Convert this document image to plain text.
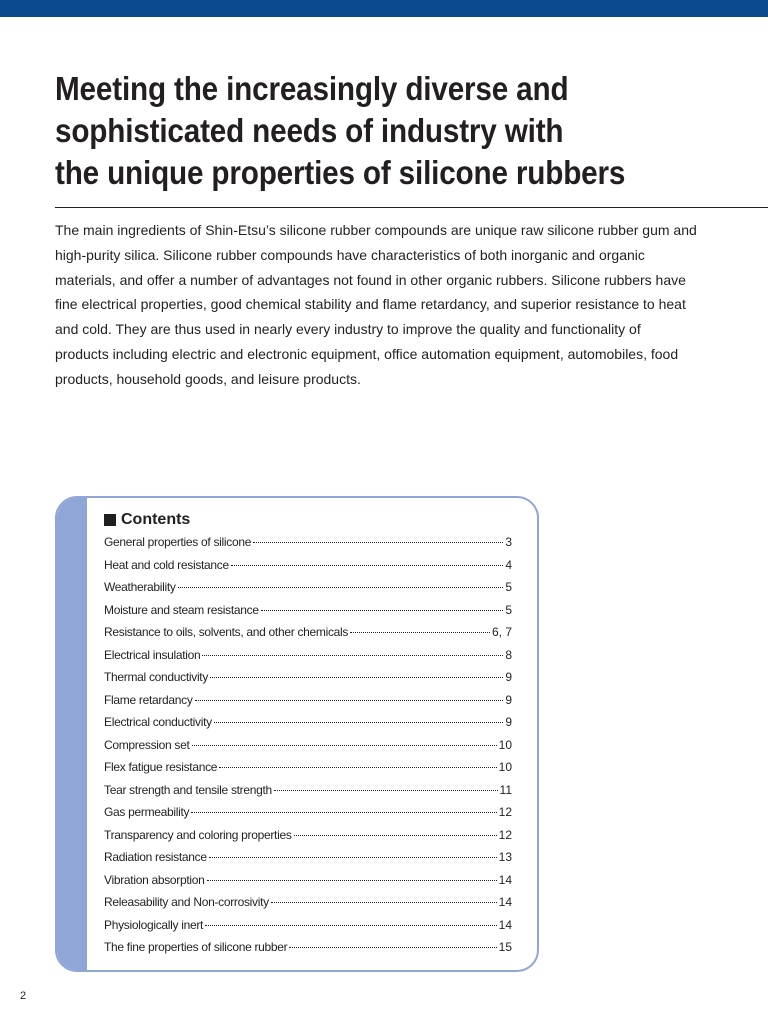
Meeting the increasingly diverse and
sophisticated needs of industry with
the unique properties of silicone rubbers

The main ingredients of Shin-Etsu’s silicone rubber compounds are unique raw silicone rubber gum and
high-purity silica. Silicone rubber compounds have characteristics of both inorganic and organic
materials, and offer a number of advantages not found in other organic rubbers. Silicone rubbers have
fine electrical properties, good chemical stability and flame retardancy, and superior resistance to heat
and cold. They are thus used in nearly every industry to improve the quality and functionality of
products including electric and electronic equipment, office automation equipment, automobiles, food
products, household goods, and leisure products.

Contents
General properties of silicone	3
Heat and cold resistance	4
Weatherability	5
Moisture and steam resistance	5
Resistance to oils, solvents, and other chemicals	6, 7
Electrical insulation	8
Thermal conductivity	9
Flame retardancy	9
Electrical conductivity	9
Compression set	10
Flex fatigue resistance	10
Tear strength and tensile strength	11
Gas permeability	12
Transparency and coloring properties	12
Radiation resistance	13
Vibration absorption	14
Releasability and Non-corrosivity	14
Physiologically inert	14
The fine properties of silicone rubber	15
2
